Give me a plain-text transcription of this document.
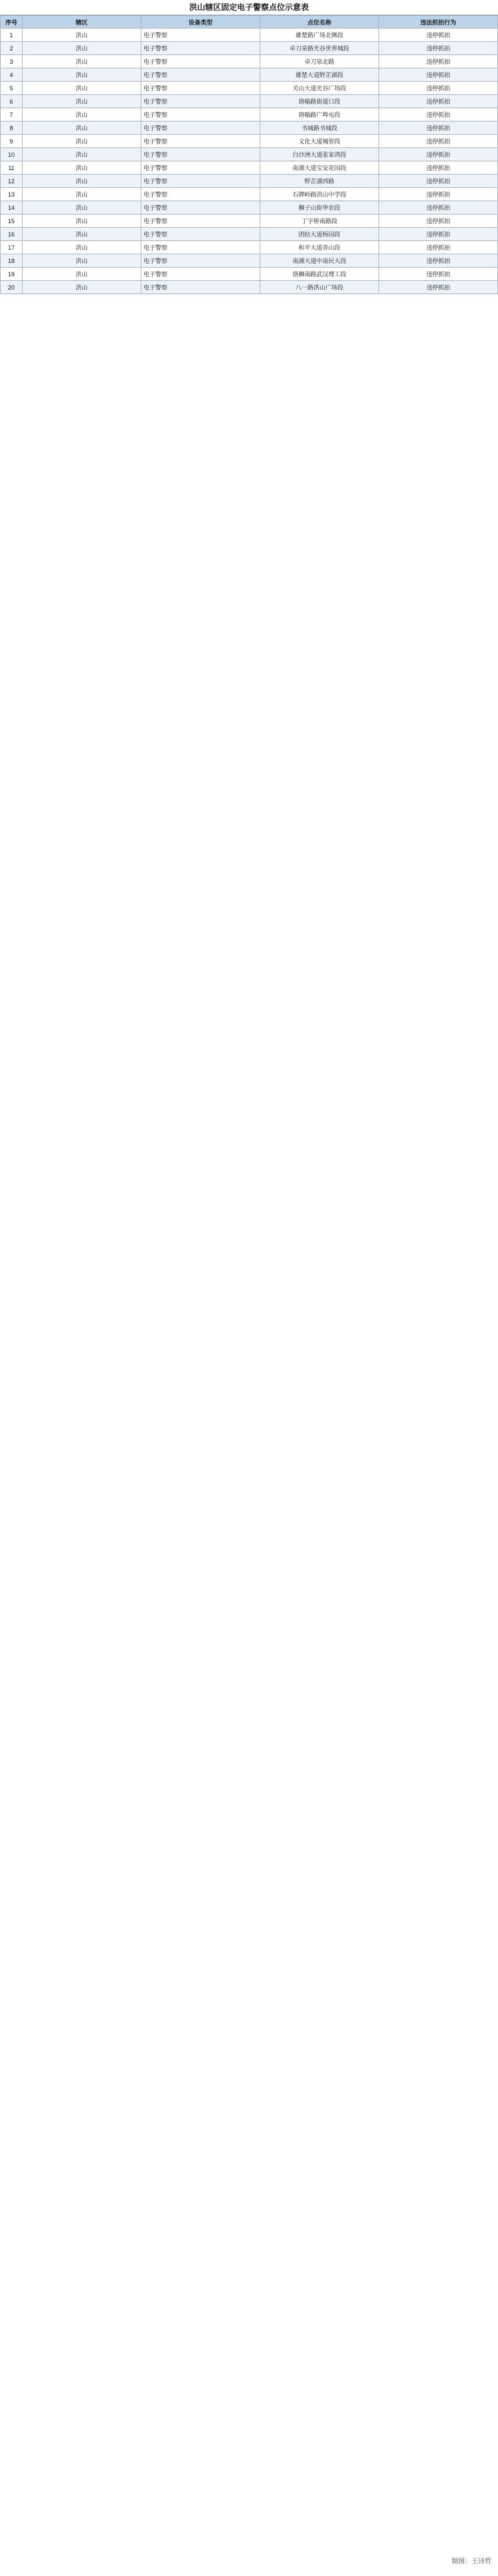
洪山辖区固定电子警察点位示意表
序号	辖区	设备类型	点位名称	违法抓拍行为
1	洪山	电子警察	雄楚路广场北侧段	违停抓拍
2	洪山	电子警察	卓刀泉路光谷世界城段	违停抓拍
3	洪山	电子警察	卓刀泉北路	违停抓拍
4	洪山	电子警察	雄楚大道野芷湖段	违停抓拍
5	洪山	电子警察	关山大道光谷广场段	违停抓拍
6	洪山	电子警察	珞喻路街道口段	违停抓拍
7	洪山	电子警察	珞喻路广埠屯段	违停抓拍
8	洪山	电子警察	书城路书城段	违停抓拍
9	洪山	电子警察	文化大道城管段	违停抓拍
10	洪山	电子警察	白沙洲大道张家湾段	违停抓拍
11	洪山	电子警察	南湖大道宝安花园段	违停抓拍
12	洪山	电子警察	野芷湖西路	违停抓拍
13	洪山	电子警察	石牌岭路洪山中学段	违停抓拍
14	洪山	电子警察	狮子山街华农段	违停抓拍
15	洪山	电子警察	丁字桥南路段	违停抓拍
16	洪山	电子警察	团结大道杨园段	违停抓拍
17	洪山	电子警察	和平大道青山段	违停抓拍
18	洪山	电子警察	南湖大道中南民大段	违停抓拍
19	洪山	电子警察	珞狮南路武汉理工段	违停抓拍
20	洪山	电子警察	八一路洪山广场段	违停抓拍
制图：王诗哲
